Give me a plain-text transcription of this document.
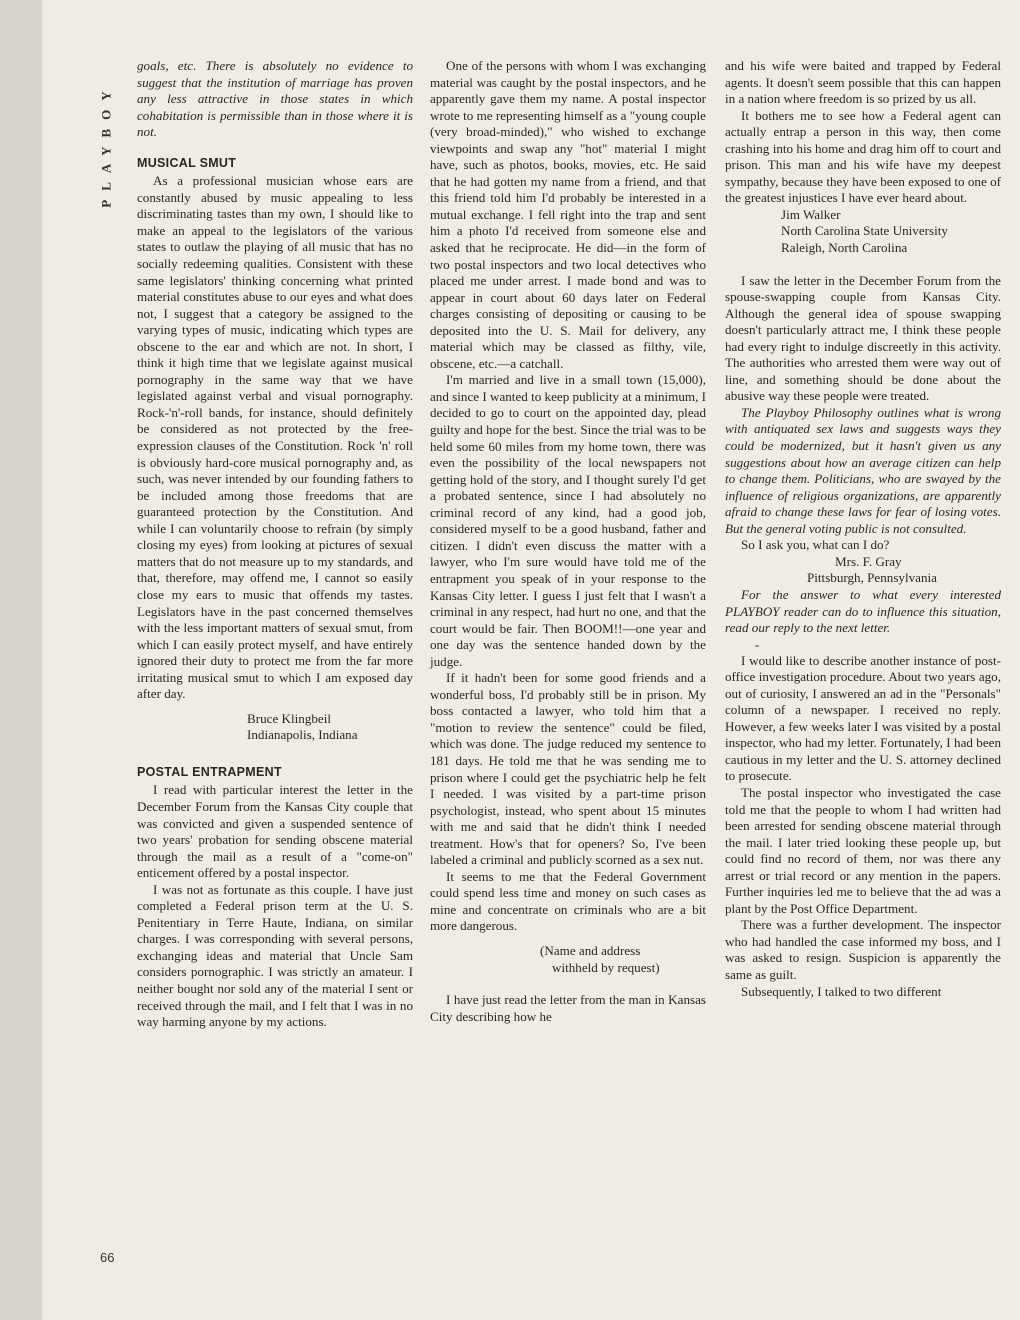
PLAYBOY
66

goals, etc. There is absolutely no evidence to suggest that the institution of marriage has proven any less attractive in those states in which cohabitation is permissible than in those where it is not.

MUSICAL SMUT

As a professional musician whose ears are constantly abused by music appealing to less discriminating tastes than my own, I should like to make an appeal to the legislators of the various states to outlaw the playing of all music that has no socially redeeming qualities. Consistent with these same legislators' thinking concerning what printed material constitutes abuse to our eyes and what does not, I suggest that a category be assigned to the varying types of music, indicating which types are obscene to the ear and which are not. In short, I think it high time that we legislate against musical pornography in the same way that we have legislated against verbal and visual pornography. Rock-'n'-roll bands, for instance, should definitely be considered as not protected by the free-expression clauses of the Constitution. Rock 'n' roll is obviously hard-core musical pornography and, as such, was never intended by our founding fathers to be included among those freedoms that are guaranteed protection by the Constitution. And while I can voluntarily choose to refrain (by simply closing my eyes) from looking at pictures of sexual matters that do not measure up to my standards, and that, therefore, may offend me, I cannot so easily close my ears to music that offends my tastes. Legislators have in the past concerned themselves with the less important matters of sexual smut, from which I can easily protect myself, and have entirely ignored their duty to protect me from the far more irritating musical smut to which I am exposed day after day.

Bruce Klingbeil

Indianapolis, Indiana

POSTAL ENTRAPMENT

I read with particular interest the letter in the December Forum from the Kansas City couple that was convicted and given a suspended sentence of two years' probation for sending obscene material through the mail as a result of a "come-on" enticement offered by a postal inspector.

I was not as fortunate as this couple. I have just completed a Federal prison term at the U. S. Penitentiary in Terre Haute, Indiana, on similar charges. I was corresponding with several persons, exchanging ideas and material that Uncle Sam considers pornographic. I was strictly an amateur. I neither bought nor sold any of the material I sent or received through the mail, and I felt that I was in no way harming anyone by my actions.

One of the persons with whom I was exchanging material was caught by the postal inspectors, and he apparently gave them my name. A postal inspector wrote to me representing himself as a "young couple (very broad-minded)," who wished to exchange viewpoints and swap any "hot" material I might have, such as photos, books, movies, etc. He said that he had gotten my name from a friend, and that this friend told him I'd probably be interested in a mutual exchange. I fell right into the trap and sent him a photo I'd received from someone else and asked that he reciprocate. He did—in the form of two postal inspectors and two local detectives who placed me under arrest. I made bond and was to appear in court about 60 days later on Federal charges consisting of depositing or causing to be deposited into the U. S. Mail for delivery, any material which may be classed as filthy, vile, obscene, etc.—a catchall.

I'm married and live in a small town (15,000), and since I wanted to keep publicity at a minimum, I decided to go to court on the appointed day, plead guilty and hope for the best. Since the trial was to be held some 60 miles from my home town, there was even the possibility of the local newspapers not getting hold of the story, and I thought surely I'd get a probated sentence, since I had absolutely no criminal record of any kind, had a good job, considered myself to be a good husband, father and citizen. I didn't even discuss the matter with a lawyer, who I'm sure would have told me of the entrapment you speak of in your response to the Kansas City letter. I guess I just felt that I wasn't a criminal in any respect, had hurt no one, and that the court would be fair. Then BOOM!!—one year and one day was the sentence handed down by the judge.

If it hadn't been for some good friends and a wonderful boss, I'd probably still be in prison. My boss contacted a lawyer, who told him that a "motion to review the sentence" could be filed, which was done. The judge reduced my sentence to 181 days. He told me that he was sending me to prison where I could get the psychiatric help he felt I needed. I was visited by a part-time prison psychologist, instead, who spent about 15 minutes with me and said that he didn't think I needed treatment. How's that for openers? So, I've been labeled a criminal and publicly scorned as a sex nut.

It seems to me that the Federal Government could spend less time and money on such cases as mine and concentrate on criminals who are a bit more dangerous.

(Name and address

withheld by request)

I have just read the letter from the man in Kansas City describing how he

and his wife were baited and trapped by Federal agents. It doesn't seem possible that this can happen in a nation where freedom is so prized by us all.

It bothers me to see how a Federal agent can actually entrap a person in this way, then come crashing into his home and drag him off to court and prison. This man and his wife have my deepest sympathy, because they have been exposed to one of the greatest injustices I have ever heard about.

Jim Walker

North Carolina State University

Raleigh, North Carolina

I saw the letter in the December Forum from the spouse-swapping couple from Kansas City. Although the general idea of spouse swapping doesn't particularly attract me, I think these people had every right to indulge discreetly in this activity. The authorities who arrested them were way out of line, and something should be done about the abusive way these people were treated.

The Playboy Philosophy outlines what is wrong with antiquated sex laws and suggests ways they could be modernized, but it hasn't given us any suggestions about how an average citizen can help to change them. Politicians, who are swayed by the influence of religious organizations, are apparently afraid to change these laws for fear of losing votes. But the general voting public is not consulted.

So I ask you, what can I do?

Mrs. F. Gray

Pittsburgh, Pennsylvania

For the answer to what every interested PLAYBOY reader can do to influence this situation, read our reply to the next letter.

-

I would like to describe another instance of post-office investigation procedure. About two years ago, out of curiosity, I answered an ad in the "Personals" column of a newspaper. I received no reply. However, a few weeks later I was visited by a postal inspector, who had my letter. Fortunately, I had been cautious in my letter and the U. S. attorney declined to prosecute.

The postal inspector who investigated the case told me that the people to whom I had written had been arrested for sending obscene material through the mail. I later tried looking these people up, but could find no record of them, nor was there any arrest or trial record or any mention in the papers. Further inquiries led me to believe that the ad was a plant by the Post Office Department.

There was a further development. The inspector who had handled the case informed my boss, and I was asked to resign. Suspicion is apparently the same as guilt.

Subsequently, I talked to two different
